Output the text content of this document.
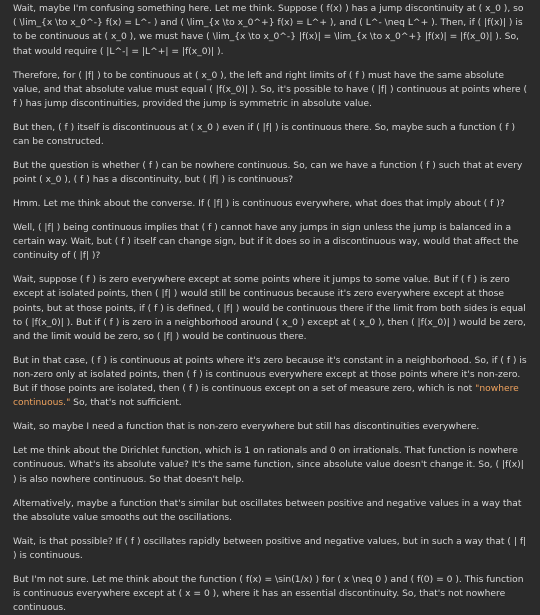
Wait, maybe I'm confusing something here. Let me think. Suppose ( f(x) ) has a jump discontinuity at ( x_0 ), so ( \lim_{x \to x_0^-} f(x) = L^- ) and ( \lim_{x \to x_0^+} f(x) = L^+ ), and ( L^- \neq L^+ ). Then, if ( |f(x)| ) is to be continuous at ( x_0 ), we must have ( \lim_{x \to x_0^-} |f(x)| = \lim_{x \to x_0^+} |f(x)| = |f(x_0)| ). So, that would require ( |L^-| = |L^+| = |f(x_0)| ).

Therefore, for ( |f| ) to be continuous at ( x_0 ), the left and right limits of ( f ) must have the same absolute value, and that absolute value must equal ( |f(x_0)| ). So, it's possible to have ( |f| ) continuous at points where ( f ) has jump discontinuities, provided the jump is symmetric in absolute value.

But then, ( f ) itself is discontinuous at ( x_0 ) even if ( |f| ) is continuous there. So, maybe such a function ( f ) can be constructed.

But the question is whether ( f ) can be nowhere continuous. So, can we have a function ( f ) such that at every point ( x_0 ), ( f ) has a discontinuity, but ( |f| ) is continuous?

Hmm. Let me think about the converse. If ( |f| ) is continuous everywhere, what does that imply about ( f )?

Well, ( |f| ) being continuous implies that ( f ) cannot have any jumps in sign unless the jump is balanced in a certain way. Wait, but ( f ) itself can change sign, but if it does so in a discontinuous way, would that affect the continuity of ( |f| )?

Wait, suppose ( f ) is zero everywhere except at some points where it jumps to some value. But if ( f ) is zero except at isolated points, then ( |f| ) would still be continuous because it's zero everywhere except at those points, but at those points, if ( f ) is defined, ( |f| ) would be continuous there if the limit from both sides is equal to ( |f(x_0)| ). But if ( f ) is zero in a neighborhood around ( x_0 ) except at ( x_0 ), then ( |f(x_0)| ) would be zero, and the limit would be zero, so ( |f| ) would be continuous there.

But in that case, ( f ) is continuous at points where it's zero because it's constant in a neighborhood. So, if ( f ) is non-zero only at isolated points, then ( f ) is continuous everywhere except at those points where it's non-zero. But if those points are isolated, then ( f ) is continuous except on a set of measure zero, which is not "nowhere continuous." So, that's not sufficient.

Wait, so maybe I need a function that is non-zero everywhere but still has discontinuities everywhere.

Let me think about the Dirichlet function, which is 1 on rationals and 0 on irrationals. That function is nowhere continuous. What's its absolute value? It's the same function, since absolute value doesn't change it. So, ( |f(x)| ) is also nowhere continuous. So that doesn't help.

Alternatively, maybe a function that's similar but oscillates between positive and negative values in a way that the absolute value smooths out the oscillations.

Wait, is that possible? If ( f ) oscillates rapidly between positive and negative values, but in such a way that ( | f| ) is continuous.

But I'm not sure. Let me think about the function ( f(x) = \sin(1/x) ) for ( x \neq 0 ) and ( f(0) = 0 ). This function is continuous everywhere except at ( x = 0 ), where it has an essential discontinuity. So, that's not nowhere continuous.
